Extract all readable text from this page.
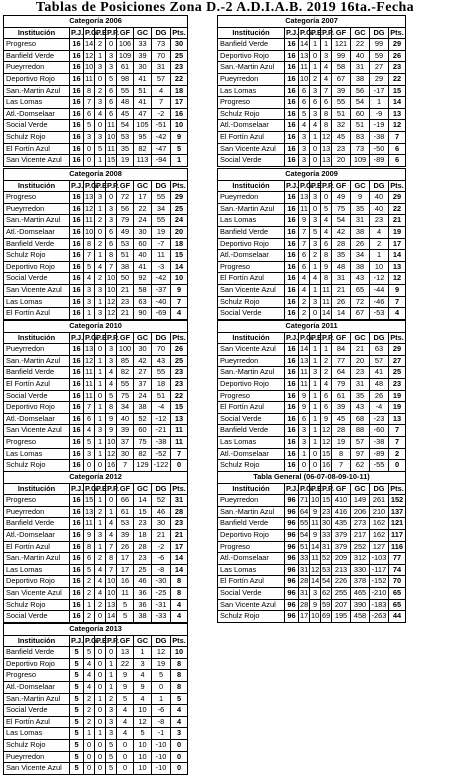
Tablas de Posiciones Zona D.-2 A.D.I.A.B. 2019 16ta.-Fecha
Categoría 2006								
Institución	P.J.	P.G.	P.E.	P.P.	GF	GC	DG	Pts.
Progreso	16	14	2	0	106	33	73	30
Banfield Verde	16	12	1	3	109	39	70	25
Pueyrredon	16	10	3	3	61	30	31	23
Deportivo Rojo	16	11	0	5	98	41	57	22
San.-Martin Azul	16	8	2	6	55	51	4	18
Las Lomas	16	7	3	6	48	41	7	17
Atl.-Domselaar	16	6	4	6	45	47	-2	16
Social Verde	16	5	0	11	54	105	-51	10
Schulz Rojo	16	3	3	10	53	95	-42	9
El Fortín Azul	16	0	5	11	35	82	-47	5
San Vicente Azul	16	0	1	15	19	113	-94	1
Categoría 2007								
Institución	P.J.	P.G.	P.E.	P.P.	GF	GC	DG	Pts.
Banfield Verde	16	14	1	1	121	22	99	29
Deportivo Rojo	16	13	0	3	99	40	59	26
San.-Martin Azul	16	11	1	4	58	31	27	23
Pueyrredon	16	10	2	4	67	38	29	22
Las Lomas	16	6	3	7	39	56	-17	15
Progreso	16	6	6	6	55	54	1	14
Schulz Rojo	16	5	3	8	51	60	-9	13
Atl.-Domselaar	16	4	4	8	32	51	-19	12
El Fortín Azul	16	3	1	12	45	83	-38	7
San Vicente Azul	16	3	0	13	23	73	-50	6
Social Verde	16	3	0	13	20	109	-89	6
Categoría 2008								
Institución	P.J.	P.G.	P.E.	P.P.	GF	GC	DG	Pts.
Progreso	16	13	3	0	72	17	55	29
Pueyrredon	16	12	1	3	56	22	34	25
San.-Martin Azul	16	11	2	3	79	24	55	24
Atl.-Domselaar	16	10	0	6	49	30	19	20
Banfield Verde	16	8	2	6	53	60	-7	18
Schulz Rojo	16	7	1	8	51	40	11	15
Deportivo Rojo	16	5	4	7	38	41	-3	14
Social Verde	16	4	2	10	50	92	-42	10
San Vicente Azul	16	3	3	10	21	58	-37	9
Las Lomas	16	3	1	12	23	63	-40	7
El Fortín Azul	16	1	3	12	21	90	-69	4
Categoría 2009								
Institución	P.J.	P.G.	P.E.	P.P.	GF	GC	DG	Pts.
Pueyrredon	16	13	3	0	49	9	40	29
San.-Martin Azul	16	11	0	5	75	35	40	22
Las Lomas	16	9	3	4	54	31	23	21
Banfield Verde	16	7	5	4	42	38	4	19
Deportivo Rojo	16	7	3	6	28	26	2	17
Atl.-Domselaar	16	6	2	8	35	34	1	14
Progreso	16	6	1	9	48	38	10	13
El Fortín Azul	16	4	4	8	31	43	-12	12
San Vicente Azul	16	4	1	11	21	65	-44	9
Schulz Rojo	16	2	3	11	26	72	-46	7
Social Verde	16	2	0	14	14	67	-53	4
Categoría 2010								
Institución	P.J.	P.G.	P.E.	P.P.	GF	GC	DG	Pts.
Pueyrredon	16	13	0	3	100	30	70	26
San.-Martin Azul	16	12	1	3	85	42	43	25
Banfield Verde	16	11	1	4	82	27	55	23
El Fortín Azul	16	11	1	4	55	37	18	23
Social Verde	16	11	0	5	75	24	51	22
Deportivo Rojo	16	7	1	8	34	38	-4	15
Atl.-Domselaar	16	6	1	9	40	52	-12	13
San Vicente Azul	16	4	3	9	39	60	-21	11
Progreso	16	5	1	10	37	75	-38	11
Las Lomas	16	3	1	12	30	82	-52	7
Schulz Rojo	16	0	0	16	7	129	-122	0
Categoría 2011								
Institución	P.J.	P.G.	P.E.	P.P.	GF	GC	DG	Pts.
San Vicente Azul	16	14	1	1	84	21	63	29
Pueyrredon	16	13	1	2	77	20	57	27
San.-Martin Azul	16	11	3	2	64	23	41	25
Deportivo Rojo	16	11	1	4	79	31	48	23
Progreso	16	9	1	6	61	35	26	19
El Fortín Azul	16	9	1	6	39	43	-4	19
Social Verde	16	6	1	9	45	68	-23	13
Banfield Verde	16	3	1	12	28	88	-60	7
Las Lomas	16	3	1	12	19	57	-38	7
Atl.-Domselaar	16	1	0	15	8	97	-89	2
Schulz Rojo	16	0	0	16	7	62	-55	0
Categoría 2012								
Institución	P.J.	P.G.	P.E.	P.P.	GF	GC	DG	Pts.
Progreso	16	15	1	0	66	14	52	31
Pueyrredon	16	13	2	1	61	15	46	28
Banfield Verde	16	11	1	4	53	23	30	23
Atl.-Domselaar	16	9	3	4	39	18	21	21
El Fortín Azul	16	8	1	7	26	28	-2	17
San.-Martin Azul	16	6	2	8	17	23	-6	14
Las Lomas	16	5	4	7	17	25	-8	14
Deportivo Rojo	16	2	4	10	16	46	-30	8
San Vicente Azul	16	2	4	10	11	36	-25	8
Schulz Rojo	16	1	2	13	5	36	-31	4
Social Verde	16	2	0	14	5	38	-33	4
Tabla General (06-07-08-09-10-11)								
Institución	P.J.	P.G.	P.E.	P.P.	GF	GC	DG	Pts.
Pueyrredon	96	71	10	15	410	149	261	152
San.-Martin Azul	96	64	9	23	416	206	210	137
Banfield Verde	96	55	11	30	435	273	162	121
Deportivo Rojo	96	54	9	33	379	217	162	117
Progreso	96	51	14	31	379	252	127	116
Atl.-Domselaar	96	33	11	52	209	312	-103	77
Las Lomas	96	31	12	53	213	330	-117	74
El Fortín Azul	96	28	14	54	226	378	-152	70
Social Verde	96	31	3	62	255	465	-210	65
San Vicente Azul	96	28	9	59	207	390	-183	65
Schulz Rojo	96	17	10	69	195	458	-263	44
Categoría 2013								
Institución	P.J.	P.G.	P.E.	P.P.	GF	GC	DG	Pts.
Banfield Verde	5	5	0	0	13	1	12	10
Deportivo Rojo	5	4	0	1	22	3	19	8
Progreso	5	4	0	1	9	4	5	8
Atl.-Domselaar	5	4	0	1	9	9	0	8
San.-Martin Azul	5	2	1	2	5	4	1	5
Social Verde	5	2	0	3	4	10	-6	4
El Fortín Azul	5	2	0	3	4	12	-8	4
Las Lomas	5	1	1	3	4	5	-1	3
Schulz Rojo	5	0	0	5	0	10	-10	0
Pueyrredon	5	0	0	5	0	10	-10	0
San Vicente Azul	5	0	0	5	0	10	-10	0
